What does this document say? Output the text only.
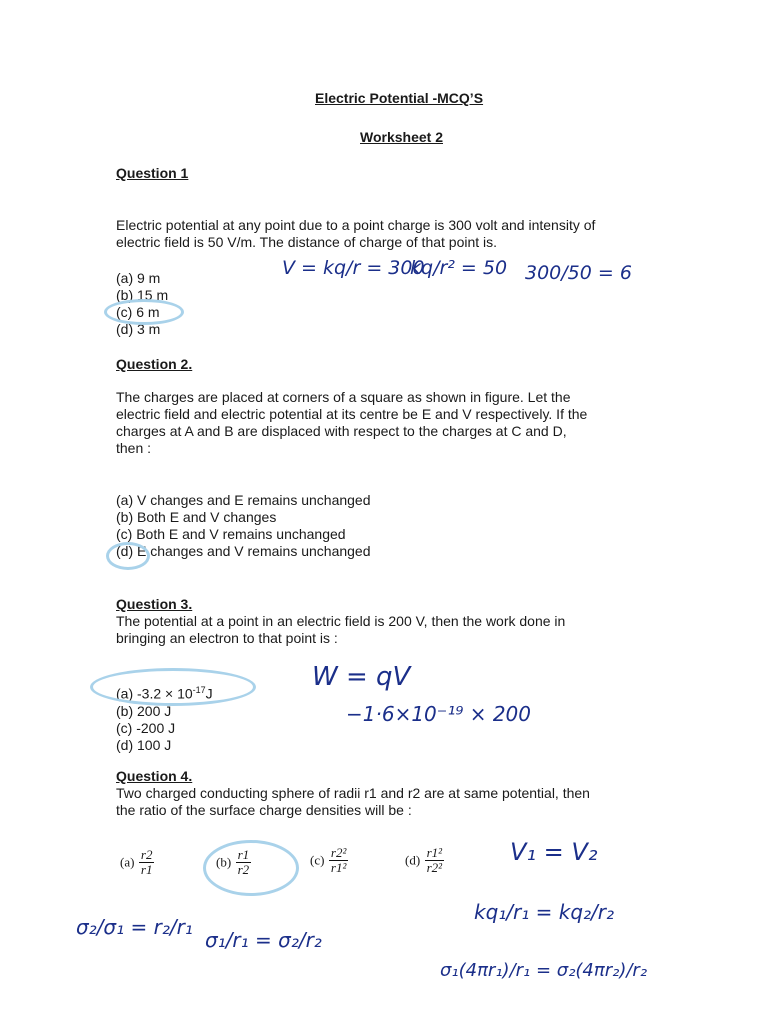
Electric Potential -MCQ’S
Worksheet 2
Question 1
Electric potential at any point due to a point charge is 300 volt and intensity of
electric field is 50 V/m. The distance of charge of that point is.
(a) 9 m
(b) 15 m
(c) 6 m
(d) 3 m
V = kq/r = 300
kq/r² = 50 300/50 = 6
Question 2.
The charges are placed at corners of a square as shown in figure. Let the
electric field and electric potential at its centre be E and V respectively. If the
charges at A and B are displaced with respect to the charges at C and D,
then :
(a) V changes and E remains unchanged
(b) Both E and V changes
(c) Both E and V remains unchanged
(d) E changes and V remains unchanged
Question 3.
The potential at a point in an electric field is 200 V, then the work done in
bringing an electron to that point is :
(a) $-3.2 \times 10^{-17}J$
(b) 200 J
(c) -200 J
(d) 100 J
W = qV
−1·6×10⁻¹⁹ × 200
Question 4.
Two charged conducting sphere of radii r1 and r2 are at same potential, then
the ratio of the surface charge densities will be :
$(a) \frac{r2}{r1}$	$(b) \frac{r1}{r2}$	$(c) \frac{\text{r2²}}{\text{r1²}}$	$(d) \frac{\text{r1²}}{\text{r2²}}$	V₁ = V₂
kq₁/r₁ = kq₂/r₂
σ₁(4πr₁)/r₁ = σ₂(4πr₂)/r₂
σ₂/σ₁ = r₂/r₁
σ₁/r₁ = σ₂/r₂
